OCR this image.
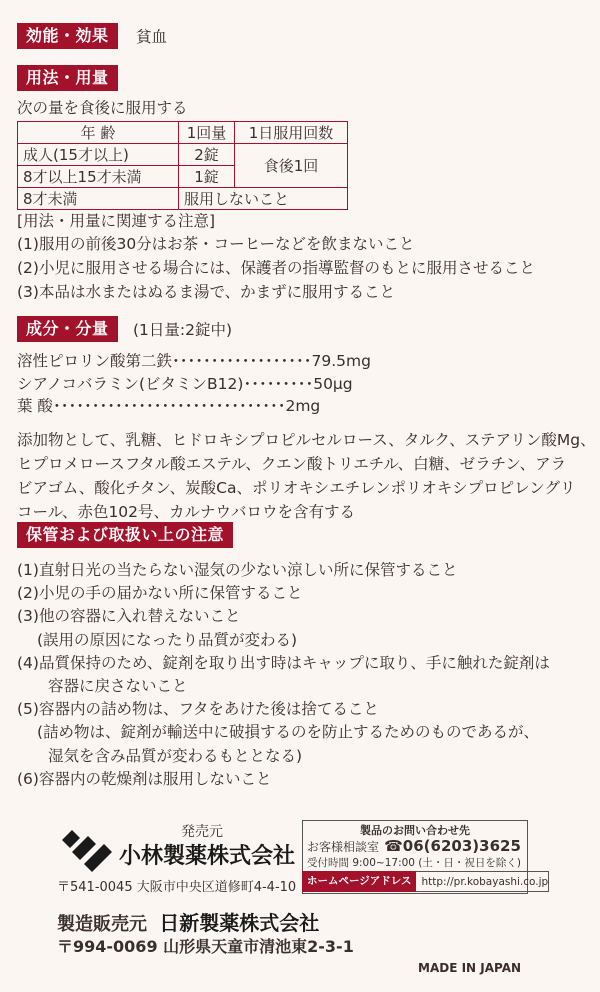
効能・効果	貧血
用法・用量
次の量を食後に服用する
年 齢	1回量	1日服用回数
成人(15才以上)	2錠	食後1回
8才以上15才未満	1錠	
8才未満	服用しないこと	
[用法・用量に関連する注意]
(1)服用の前後30分はお茶・コーヒーなどを飲まないこと
(2)小児に服用させる場合には、保護者の指導監督のもとに服用させること
(3)本品は水またはぬるま湯で、かまずに服用すること
成分・分量	(1日量:2錠中)
溶性ピロリン酸第二鉄･･････････････････79.5mg
シアノコバラミン(ビタミンB12)･････････50μg
葉 酸･･････････････････････････････2mg
添加物として、乳糖、ヒドロキシプロピルセルロース、タルク、ステアリン酸Mg、
ヒプロメロースフタル酸エステル、クエン酸トリエチル、白糖、ゼラチン、アラ
ビアゴム、酸化チタン、炭酸Ca、ポリオキシエチレンポリオキシプロピレングリ
コール、赤色102号、カルナウバロウを含有する
保管および取扱い上の注意
(1)直射日光の当たらない湿気の少ない涼しい所に保管すること
(2)小児の手の届かない所に保管すること
(3)他の容器に入れ替えないこと
(誤用の原因になったり品質が変わる)
(4)品質保持のため、錠剤を取り出す時はキャップに取り、手に触れた錠剤は
容器に戻さないこと
(5)容器内の詰め物は、フタをあけた後は捨てること
(詰め物は、錠剤が輸送中に破損するのを防止するためのものであるが、
湿気を含み品質が変わるもととなる)
(6)容器内の乾燥剤は服用しないこと
発売元
小林製薬株式会社
〒541-0045 大阪市中央区道修町4-4-10
製品のお問い合わせ先
お客様相談室 ☎06(6203)3625
受付時間 9:00~17:00 (土・日・祝日を除く)
ホームページアドレス http://pr.kobayashi.co.jp
製造販売元 日新製薬株式会社
〒994-0069 山形県天童市清池東2-3-1
MADE IN JAPAN
